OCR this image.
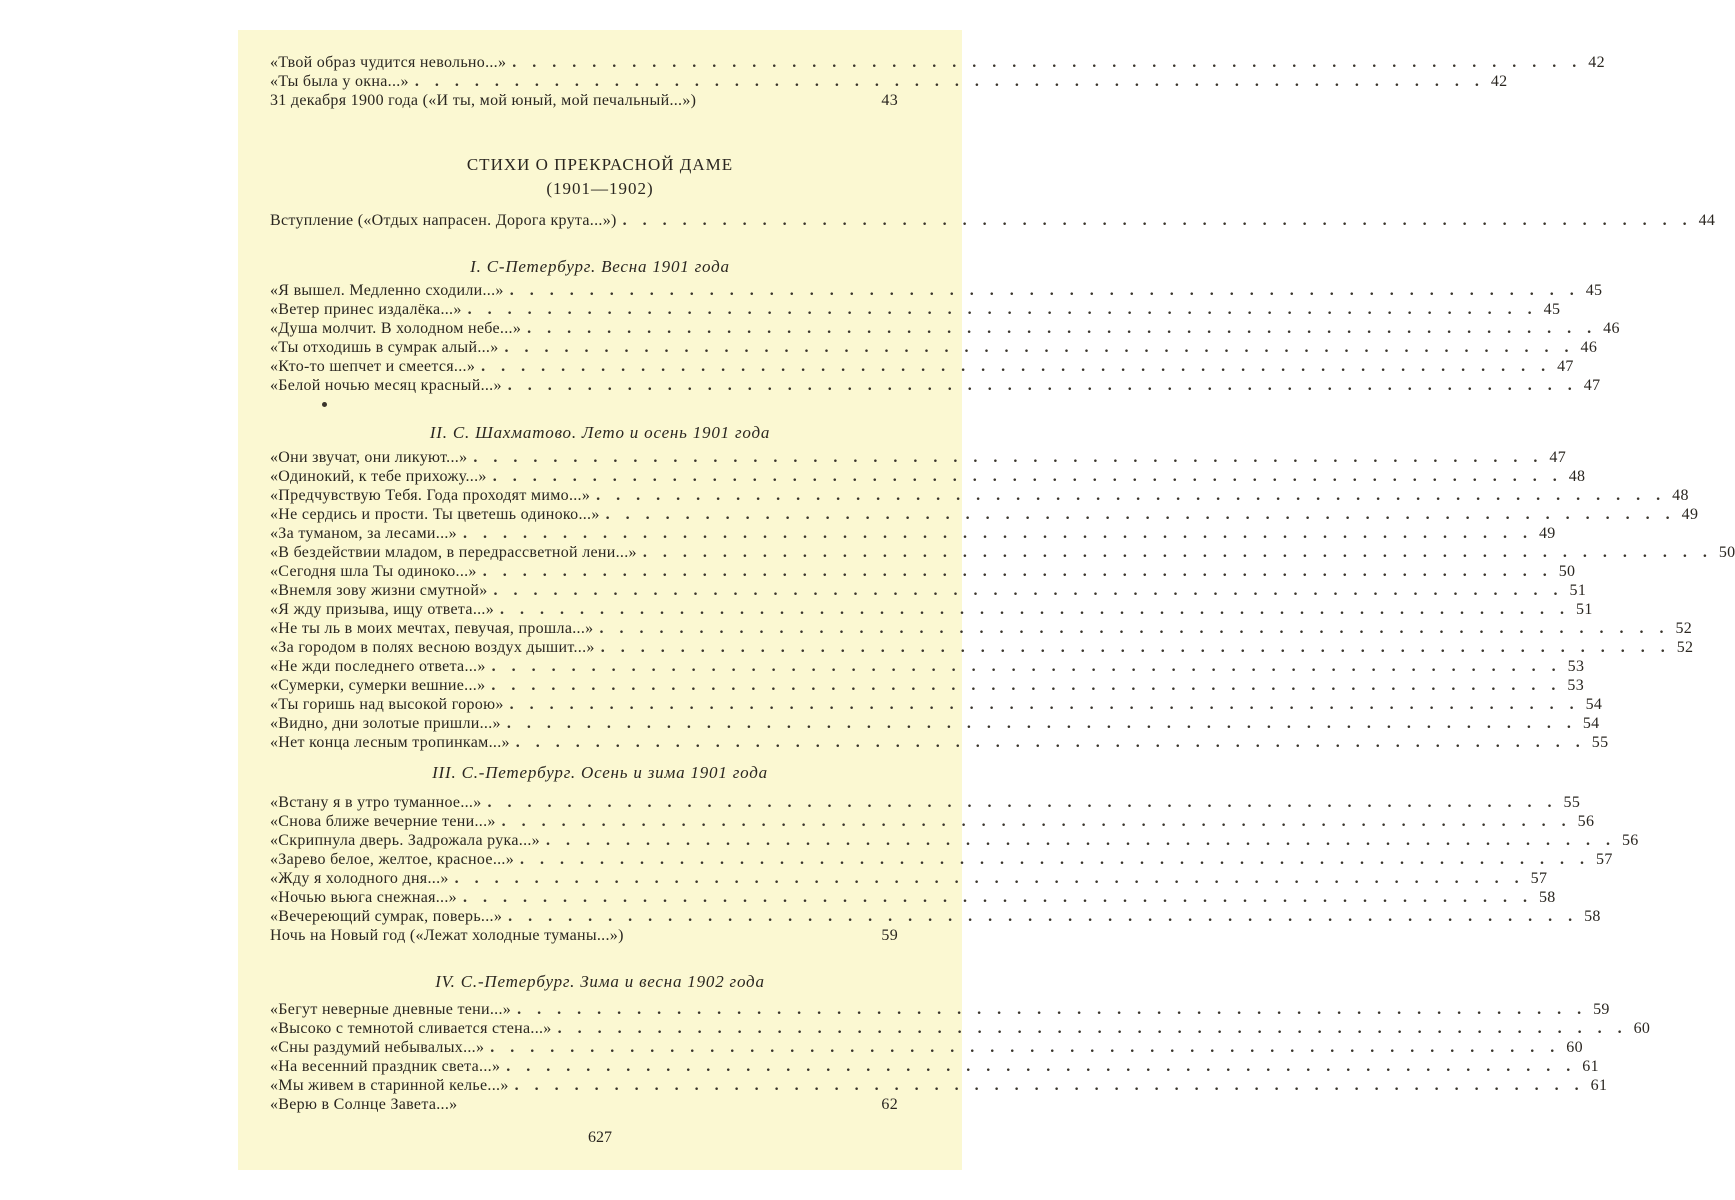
«Твой образ чудится невольно...» . . . . . . . . . . . . . . . . . . . . . . . . . . . . . . . . . . . . . . . . . . . . . . . . . . . . . . 42
«Ты была у окна...» . . . . . . . . . . . . . . . . . . . . . . . . . . . . . . . . . . . . . . . . . . . . . . . . . . . . . . 42
31 декабря 1900 года («И ты, мой юный, мой печальный...»)	43
СТИХИ О ПРЕКРАСНОЙ ДАМЕ
(1901—1902)
Вступление («Отдых напрасен. Дорога крута...») . . . . . . . . . . . . . . . . . . . . . . . . . . . . . . . . . . . . . . . . . . . . . . . . . . . . . . 44
I. С-Петербург. Весна 1901 года
«Я вышел. Медленно сходили...» . . . . . . . . . . . . . . . . . . . . . . . . . . . . . . . . . . . . . . . . . . . . . . . . . . . . . . 45
«Ветер принес издалёка...» . . . . . . . . . . . . . . . . . . . . . . . . . . . . . . . . . . . . . . . . . . . . . . . . . . . . . . 45
«Душа молчит. В холодном небе...» . . . . . . . . . . . . . . . . . . . . . . . . . . . . . . . . . . . . . . . . . . . . . . . . . . . . . . 46
«Ты отходишь в сумрак алый...» . . . . . . . . . . . . . . . . . . . . . . . . . . . . . . . . . . . . . . . . . . . . . . . . . . . . . . 46
«Кто-то шепчет и смеется...» . . . . . . . . . . . . . . . . . . . . . . . . . . . . . . . . . . . . . . . . . . . . . . . . . . . . . . 47
«Белой ночью месяц красный...» . . . . . . . . . . . . . . . . . . . . . . . . . . . . . . . . . . . . . . . . . . . . . . . . . . . . . . 47
II. С. Шахматово. Лето и осень 1901 года
«Они звучат, они ликуют...» . . . . . . . . . . . . . . . . . . . . . . . . . . . . . . . . . . . . . . . . . . . . . . . . . . . . . . 47
«Одинокий, к тебе прихожу...» . . . . . . . . . . . . . . . . . . . . . . . . . . . . . . . . . . . . . . . . . . . . . . . . . . . . . . 48
«Предчувствую Тебя. Года проходят мимо...» . . . . . . . . . . . . . . . . . . . . . . . . . . . . . . . . . . . . . . . . . . . . . . . . . . . . . . 48
«Не сердись и прости. Ты цветешь одиноко...» . . . . . . . . . . . . . . . . . . . . . . . . . . . . . . . . . . . . . . . . . . . . . . . . . . . . . . 49
«За туманом, за лесами...» . . . . . . . . . . . . . . . . . . . . . . . . . . . . . . . . . . . . . . . . . . . . . . . . . . . . . . 49
«В бездействии младом, в передрассветной лени...» . . . . . . . . . . . . . . . . . . . . . . . . . . . . . . . . . . . . . . . . . . . . . . . . . . . . . . 50
«Сегодня шла Ты одиноко...» . . . . . . . . . . . . . . . . . . . . . . . . . . . . . . . . . . . . . . . . . . . . . . . . . . . . . . 50
«Внемля зову жизни смутной» . . . . . . . . . . . . . . . . . . . . . . . . . . . . . . . . . . . . . . . . . . . . . . . . . . . . . . 51
«Я жду призыва, ищу ответа...» . . . . . . . . . . . . . . . . . . . . . . . . . . . . . . . . . . . . . . . . . . . . . . . . . . . . . . 51
«Не ты ль в моих мечтах, певучая, прошла...» . . . . . . . . . . . . . . . . . . . . . . . . . . . . . . . . . . . . . . . . . . . . . . . . . . . . . . 52
«За городом в полях весною воздух дышит...» . . . . . . . . . . . . . . . . . . . . . . . . . . . . . . . . . . . . . . . . . . . . . . . . . . . . . . 52
«Не жди последнего ответа...» . . . . . . . . . . . . . . . . . . . . . . . . . . . . . . . . . . . . . . . . . . . . . . . . . . . . . . 53
«Сумерки, сумерки вешние...» . . . . . . . . . . . . . . . . . . . . . . . . . . . . . . . . . . . . . . . . . . . . . . . . . . . . . . 53
«Ты горишь над высокой горою» . . . . . . . . . . . . . . . . . . . . . . . . . . . . . . . . . . . . . . . . . . . . . . . . . . . . . . 54
«Видно, дни золотые пришли...» . . . . . . . . . . . . . . . . . . . . . . . . . . . . . . . . . . . . . . . . . . . . . . . . . . . . . . 54
«Нет конца лесным тропинкам...» . . . . . . . . . . . . . . . . . . . . . . . . . . . . . . . . . . . . . . . . . . . . . . . . . . . . . . 55
III. С.-Петербург. Осень и зима 1901 года
«Встану я в утро туманное...» . . . . . . . . . . . . . . . . . . . . . . . . . . . . . . . . . . . . . . . . . . . . . . . . . . . . . . 55
«Снова ближе вечерние тени...» . . . . . . . . . . . . . . . . . . . . . . . . . . . . . . . . . . . . . . . . . . . . . . . . . . . . . . 56
«Скрипнула дверь. Задрожала рука...» . . . . . . . . . . . . . . . . . . . . . . . . . . . . . . . . . . . . . . . . . . . . . . . . . . . . . . 56
«Зарево белое, желтое, красное...» . . . . . . . . . . . . . . . . . . . . . . . . . . . . . . . . . . . . . . . . . . . . . . . . . . . . . . 57
«Жду я холодного дня...» . . . . . . . . . . . . . . . . . . . . . . . . . . . . . . . . . . . . . . . . . . . . . . . . . . . . . . 57
«Ночью вьюга снежная...» . . . . . . . . . . . . . . . . . . . . . . . . . . . . . . . . . . . . . . . . . . . . . . . . . . . . . . 58
«Вечереющий сумрак, поверь...» . . . . . . . . . . . . . . . . . . . . . . . . . . . . . . . . . . . . . . . . . . . . . . . . . . . . . . 58
Ночь на Новый год («Лежат холодные туманы...»)	59
IV. С.-Петербург. Зима и весна 1902 года
«Бегут неверные дневные тени...» . . . . . . . . . . . . . . . . . . . . . . . . . . . . . . . . . . . . . . . . . . . . . . . . . . . . . . 59
«Высоко с темнотой сливается стена...» . . . . . . . . . . . . . . . . . . . . . . . . . . . . . . . . . . . . . . . . . . . . . . . . . . . . . . 60
«Сны раздумий небывалых...» . . . . . . . . . . . . . . . . . . . . . . . . . . . . . . . . . . . . . . . . . . . . . . . . . . . . . . 60
«На весенний праздник света...» . . . . . . . . . . . . . . . . . . . . . . . . . . . . . . . . . . . . . . . . . . . . . . . . . . . . . . 61
«Мы живем в старинной келье...» . . . . . . . . . . . . . . . . . . . . . . . . . . . . . . . . . . . . . . . . . . . . . . . . . . . . . . 61
«Верю в Солнце Завета...»	62
627
